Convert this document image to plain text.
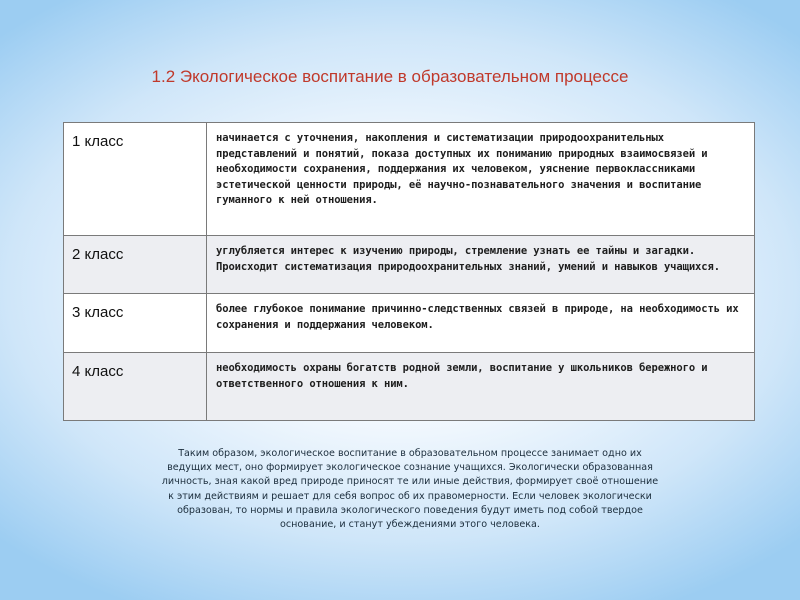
1.2 Экологическое воспитание в образовательном процессе
1 класс	начинается с уточнения, накопления и систематизации природоохранительных представлений и понятий, показа доступных их пониманию природных взаимосвязей и необходимости сохранения, поддержания их человеком, уяснение первоклассниками эстетической ценности природы, её научно-познавательного значения и воспитание гуманного к ней отношения.
2 класс	углубляется интерес к изучению природы, стремление узнать ее тайны и загадки. Происходит систематизация природоохранительных знаний, умений и навыков учащихся.
3 класс	более глубокое понимание причинно-следственных связей в природе, на необходимость их сохранения и поддержания человеком.
4 класс	необходимость охраны богатств родной земли, воспитание у школьников бережного и ответственного отношения к ним.
Таким образом, экологическое воспитание в образовательном процессе занимает одно их ведущих мест, оно формирует экологическое сознание учащихся. Экологически образованная личность, зная какой вред природе приносят те или иные действия, формирует своё отношение к этим действиям и решает для себя вопрос об их правомерности. Если человек экологически образован, то нормы и правила экологического поведения будут иметь под собой твердое основание, и станут убеждениями этого человека.
